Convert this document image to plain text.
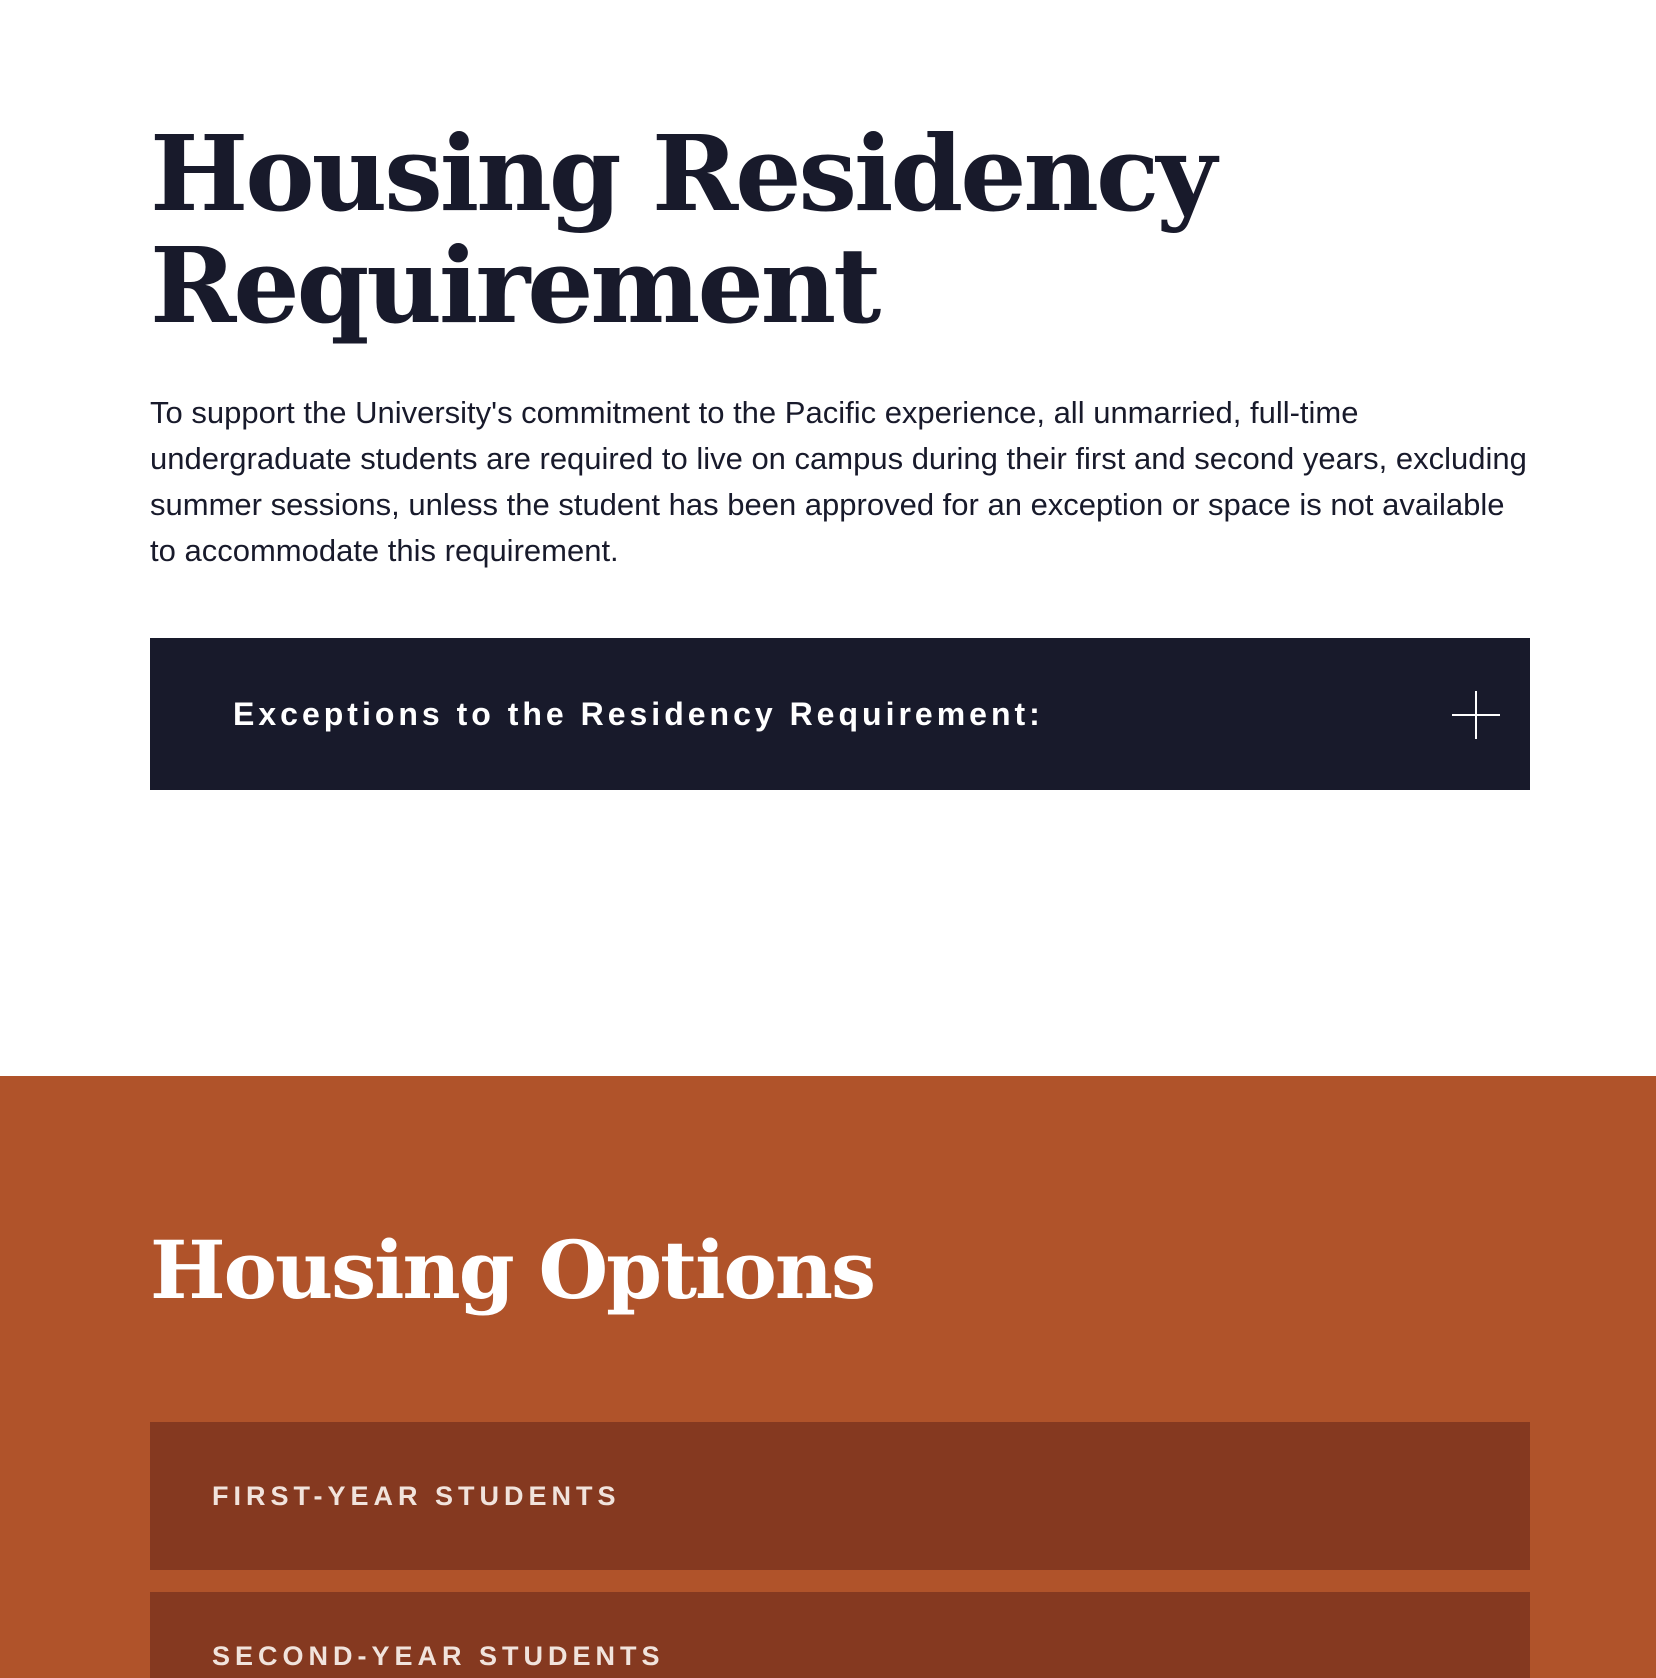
Housing Residency Requirement

To support the University's commitment to the Pacific experience, all unmarried, full-time undergraduate students are required to live on campus during their first and second years, excluding summer sessions, unless the student has been approved for an exception or space is not available to accommodate this requirement.

Exceptions to the Residency Requirement:
Housing Options
FIRST-YEAR STUDENTS
SECOND-YEAR STUDENTS
